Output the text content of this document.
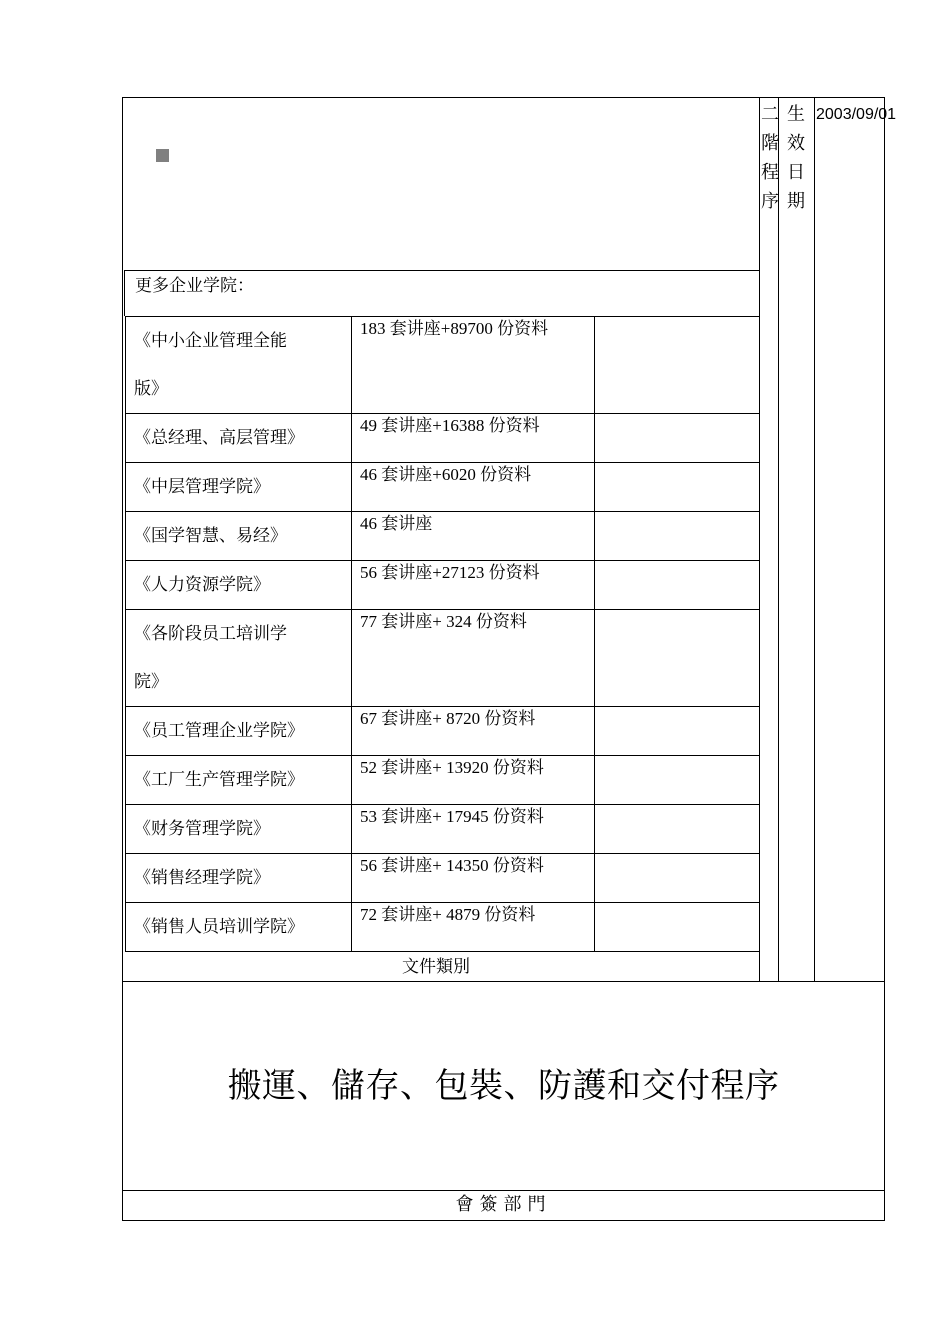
二
階
程
序
生
效
日
期
2003/09/01
更多企业学院：
《中小企业管理全能
版》	183 套讲座+89700 份资料	

《总经理、高层管理》	49 套讲座+16388 份资料	

《中层管理学院》	46 套讲座+6020 份资料	

《国学智慧、易经》	46 套讲座	

《人力资源学院》	56 套讲座+27123 份资料	

《各阶段员工培训学
院》	77 套讲座+ 324 份资料	

《员工管理企业学院》	67 套讲座+ 8720 份资料	

《工厂生产管理学院》	52 套讲座+ 13920 份资料	

《财务管理学院》	53 套讲座+ 17945 份资料	

《销售经理学院》	56 套讲座+ 14350 份资料	

《销售人员培训学院》	72 套讲座+ 4879 份资料	
文件類別
搬運、儲存、包裝、防護和交付程序
會簽部門
